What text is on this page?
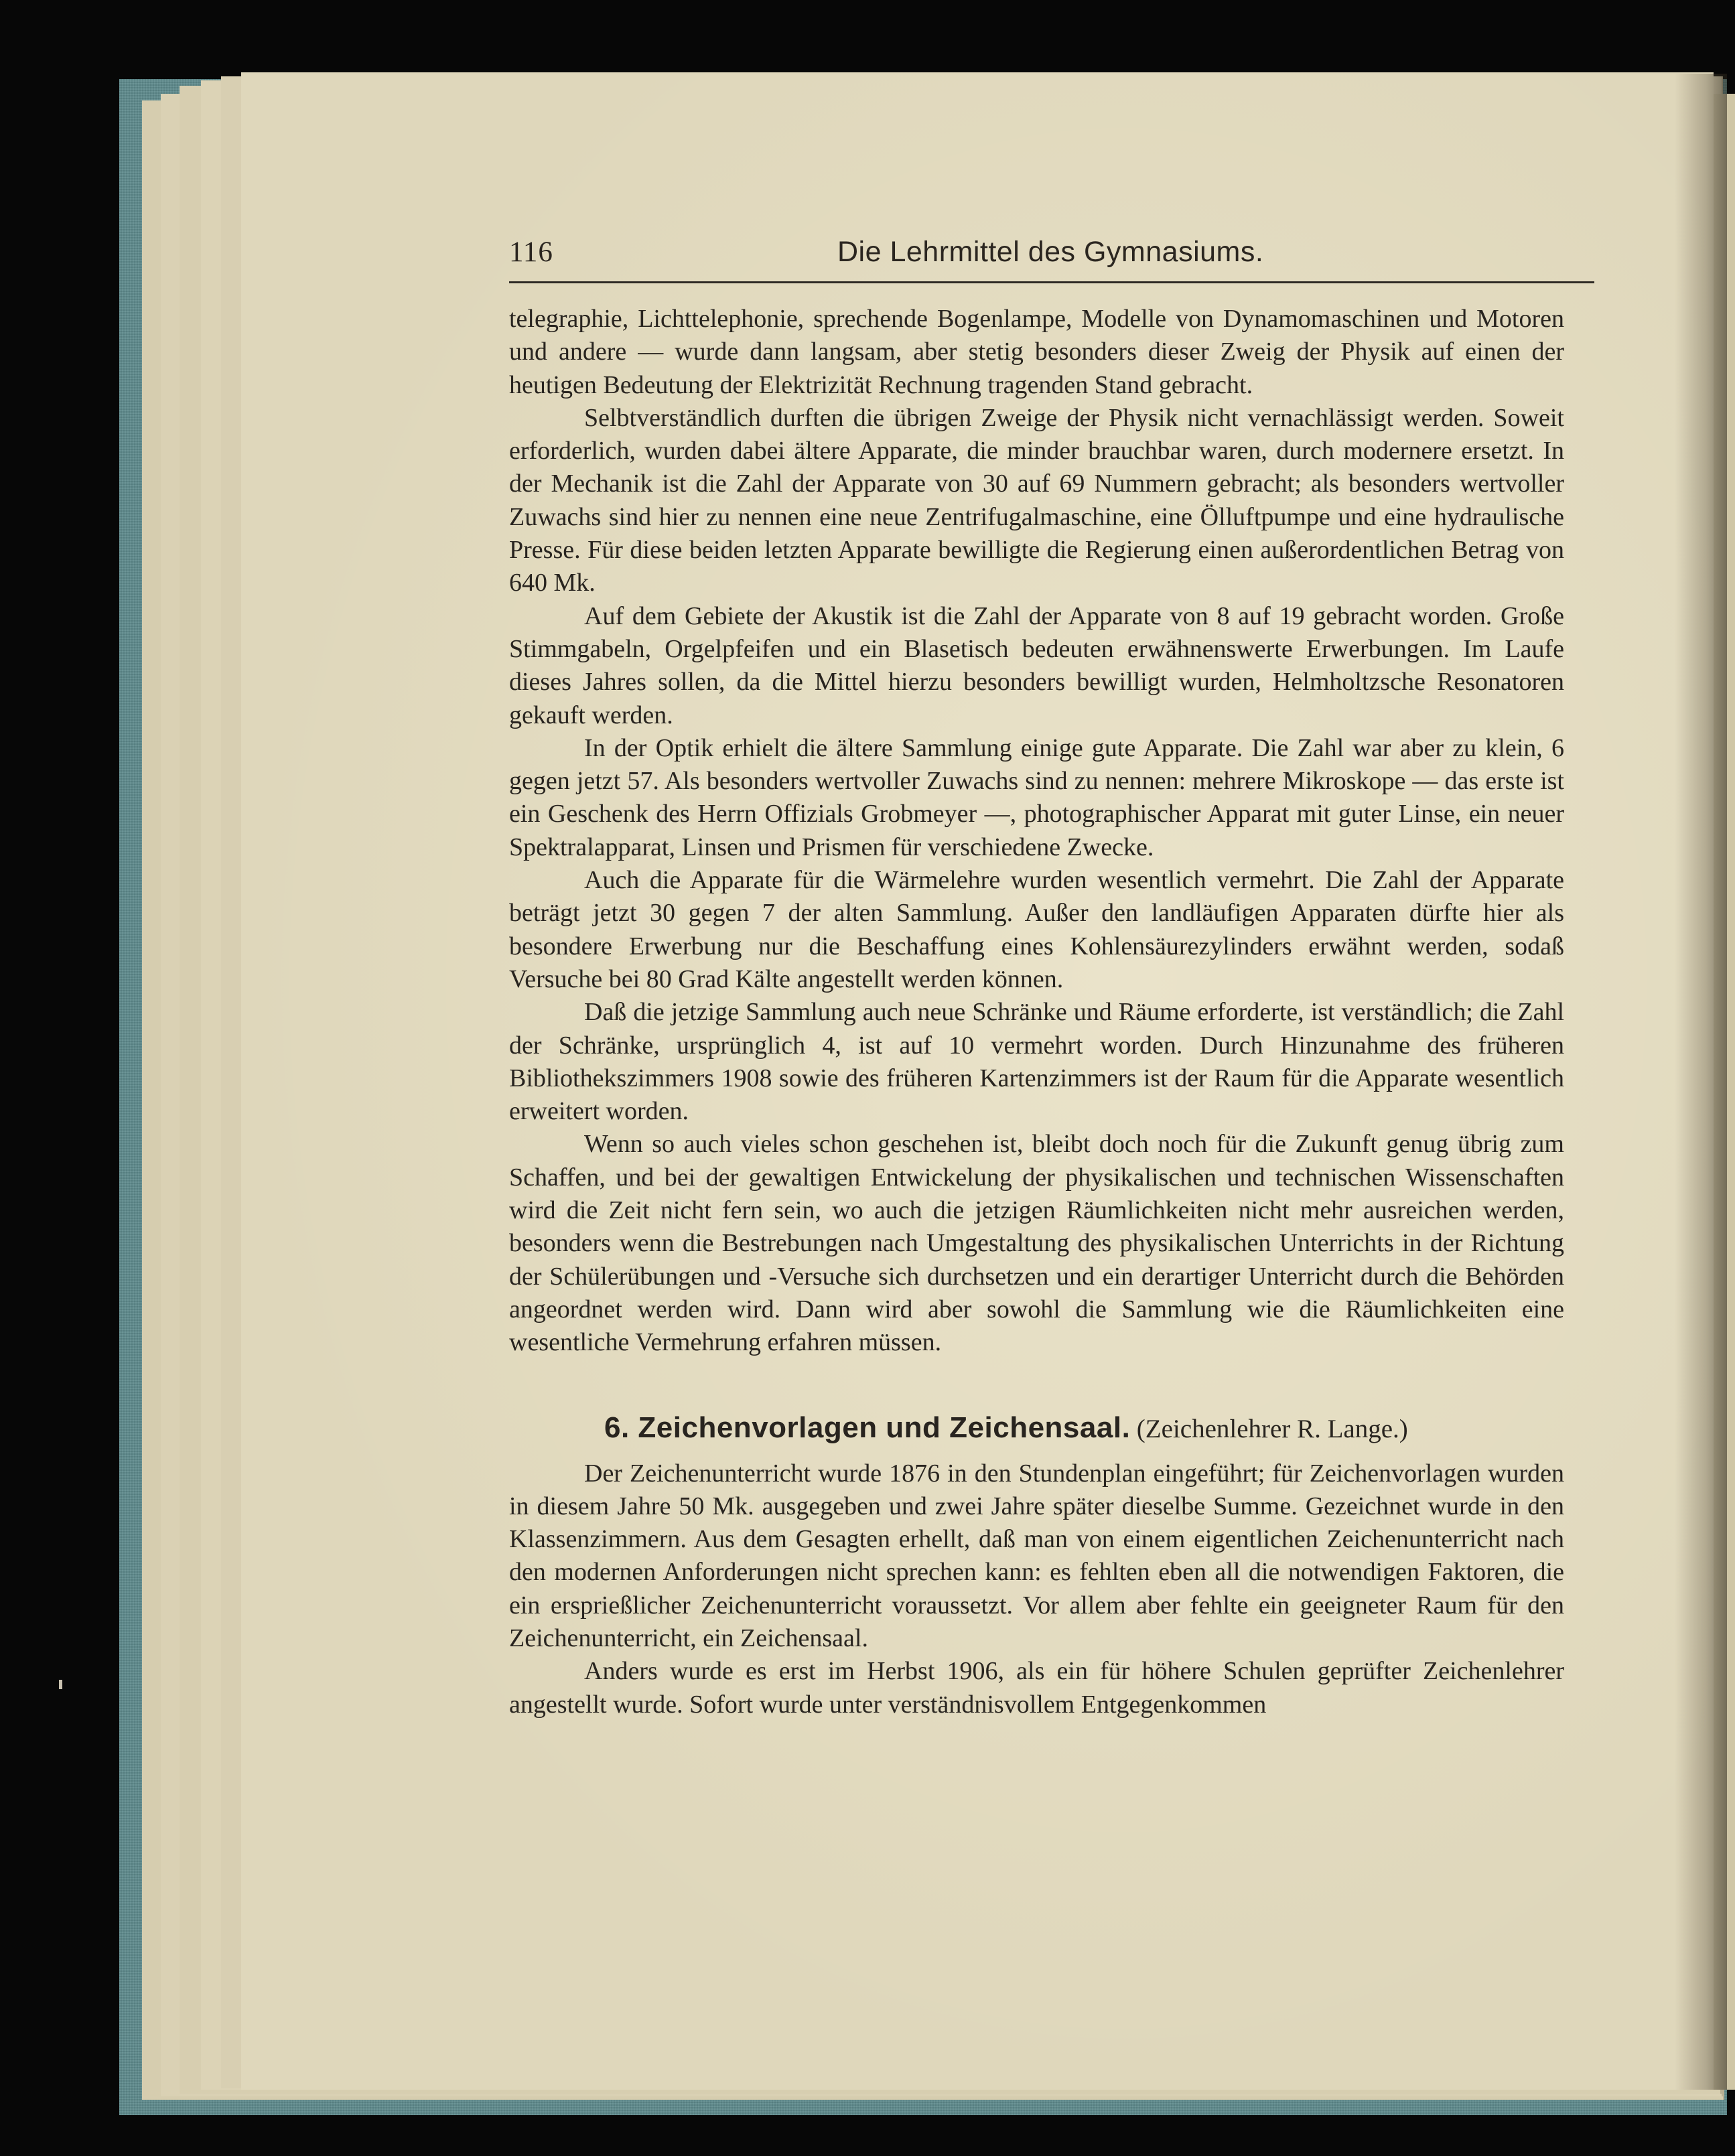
116	Die Lehrmittel des Gymnasiums.

telegraphie, Lichttelephonie, sprechende Bogenlampe, Modelle von Dynamomaschinen und Motoren und andere — wurde dann langsam, aber stetig besonders dieser Zweig der Physik auf einen der heutigen Bedeutung der Elektrizität Rechnung tragenden Stand gebracht.

Selbtverständlich durften die übrigen Zweige der Physik nicht vernachlässigt werden. Soweit erforderlich, wurden dabei ältere Apparate, die minder brauchbar waren, durch modernere ersetzt. In der Mechanik ist die Zahl der Apparate von 30 auf 69 Nummern gebracht; als besonders wertvoller Zuwachs sind hier zu nennen eine neue Zentrifugalmaschine, eine Ölluftpumpe und eine hydraulische Presse. Für diese beiden letzten Apparate bewilligte die Regierung einen außerordentlichen Betrag von 640 Mk.

Auf dem Gebiete der Akustik ist die Zahl der Apparate von 8 auf 19 gebracht worden. Große Stimmgabeln, Orgelpfeifen und ein Blasetisch bedeuten erwähnenswerte Erwerbungen. Im Laufe dieses Jahres sollen, da die Mittel hierzu besonders bewilligt wurden, Helmholtzsche Resonatoren gekauft werden.

In der Optik erhielt die ältere Sammlung einige gute Apparate. Die Zahl war aber zu klein, 6 gegen jetzt 57. Als besonders wertvoller Zuwachs sind zu nennen: mehrere Mikroskope — das erste ist ein Geschenk des Herrn Offizials Grobmeyer —, photographischer Apparat mit guter Linse, ein neuer Spektralapparat, Linsen und Prismen für verschiedene Zwecke.

Auch die Apparate für die Wärmelehre wurden wesentlich vermehrt. Die Zahl der Apparate beträgt jetzt 30 gegen 7 der alten Sammlung. Außer den landläufigen Apparaten dürfte hier als besondere Erwerbung nur die Beschaffung eines Kohlensäurezylinders erwähnt werden, sodaß Versuche bei 80 Grad Kälte angestellt werden können.

Daß die jetzige Sammlung auch neue Schränke und Räume erforderte, ist verständlich; die Zahl der Schränke, ursprünglich 4, ist auf 10 vermehrt worden. Durch Hinzunahme des früheren Bibliothekszimmers 1908 sowie des früheren Kartenzimmers ist der Raum für die Apparate wesentlich erweitert worden.

Wenn so auch vieles schon geschehen ist, bleibt doch noch für die Zukunft genug übrig zum Schaffen, und bei der gewaltigen Entwickelung der physikalischen und technischen Wissenschaften wird die Zeit nicht fern sein, wo auch die jetzigen Räumlichkeiten nicht mehr ausreichen werden, besonders wenn die Bestrebungen nach Umgestaltung des physikalischen Unterrichts in der Richtung der Schülerübungen und -Versuche sich durchsetzen und ein derartiger Unterricht durch die Behörden angeordnet werden wird. Dann wird aber sowohl die Sammlung wie die Räumlichkeiten eine wesentliche Vermehrung erfahren müssen.

6. Zeichenvorlagen und Zeichensaal. (Zeichenlehrer R. Lange.)

Der Zeichenunterricht wurde 1876 in den Stundenplan eingeführt; für Zeichenvorlagen wurden in diesem Jahre 50 Mk. ausgegeben und zwei Jahre später dieselbe Summe. Gezeichnet wurde in den Klassenzimmern. Aus dem Gesagten erhellt, daß man von einem eigentlichen Zeichenunterricht nach den modernen Anforderungen nicht sprechen kann: es fehlten eben all die notwendigen Faktoren, die ein ersprießlicher Zeichenunterricht voraussetzt. Vor allem aber fehlte ein geeigneter Raum für den Zeichenunterricht, ein Zeichensaal.

Anders wurde es erst im Herbst 1906, als ein für höhere Schulen geprüfter Zeichenlehrer angestellt wurde. Sofort wurde unter verständnisvollem Entgegenkommen
